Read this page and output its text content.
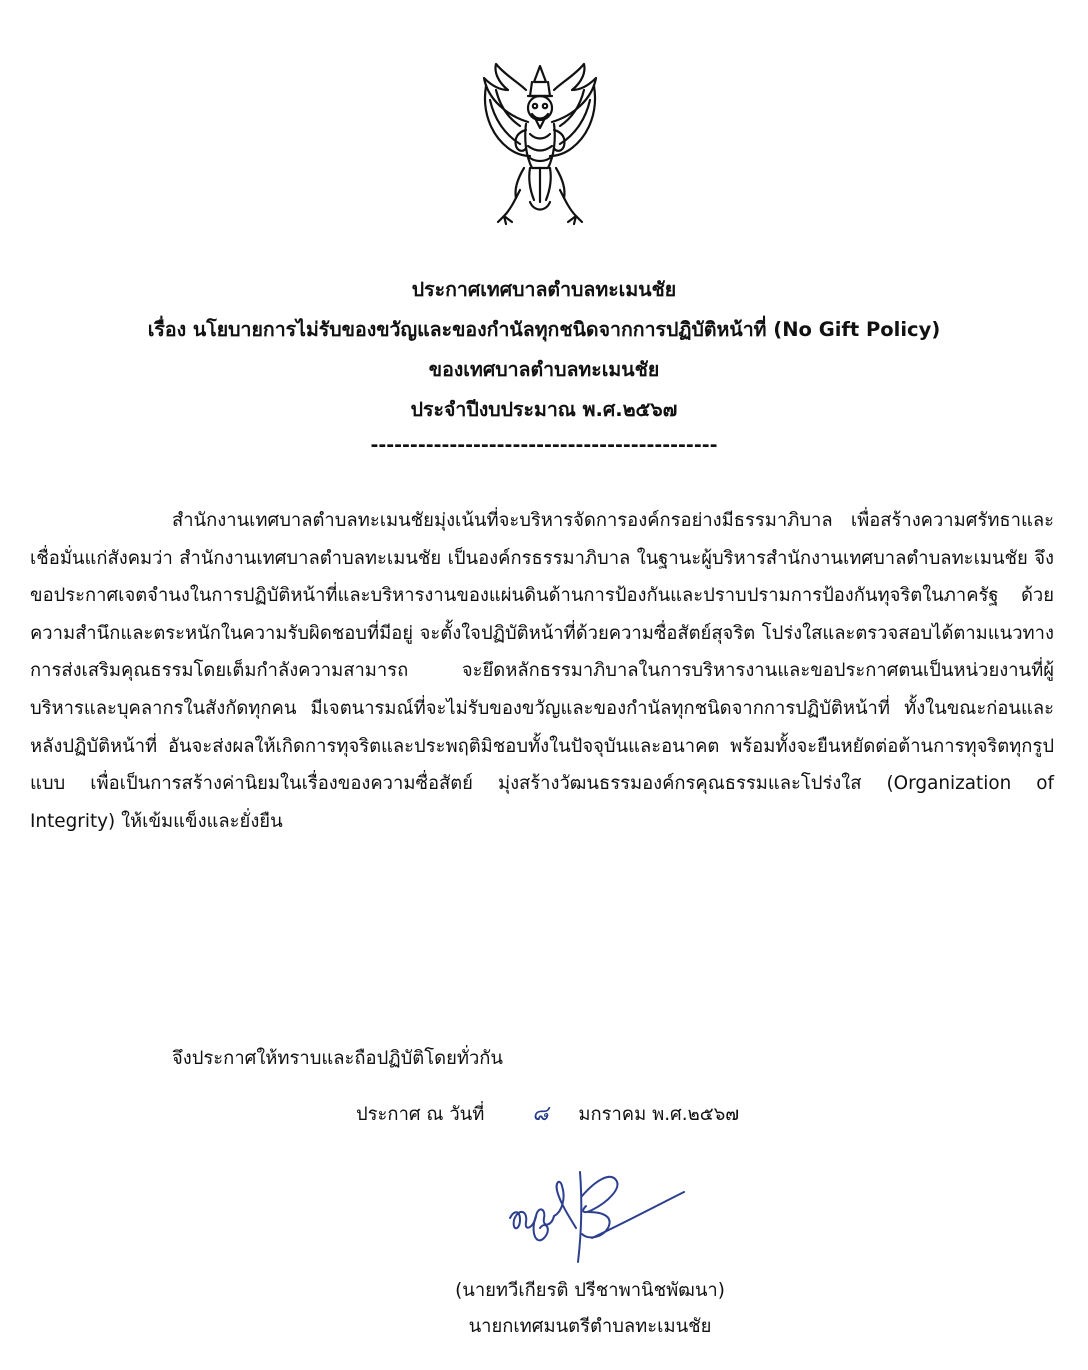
ประกาศเทศบาลตำบลทะเมนชัย
เรื่อง นโยบายการไม่รับของขวัญและของกำนัลทุกชนิดจากการปฏิบัติหน้าที่ (No Gift Policy)
ของเทศบาลตำบลทะเมนชัย
ประจำปีงบประมาณ พ.ศ.๒๕๖๗
--------------------------------------------
สำนักงานเทศบาลตำบลทะเมนชัยมุ่งเน้นที่จะบริหารจัดการองค์กรอย่างมีธรรมาภิบาล เพื่อสร้างความศรัทธาและเชื่อมั่นแก่สังคมว่า สำนักงานเทศบาลตำบลทะเมนชัย เป็นองค์กรธรรมาภิบาล ในฐานะผู้บริหารสำนักงานเทศบาลตำบลทะเมนชัย จึงขอประกาศเจตจำนงในการปฏิบัติหน้าที่และบริหารงานของแผ่นดินด้านการป้องกันและปราบปรามการป้องกันทุจริตในภาครัฐ ด้วยความสำนึกและตระหนักในความรับผิดชอบที่มีอยู่ จะตั้งใจปฏิบัติหน้าที่ด้วยความซื่อสัตย์สุจริต โปร่งใสและตรวจสอบได้ตามแนวทางการส่งเสริมคุณธรรมโดยเต็มกำลังความสามารถ จะยึดหลักธรรมาภิบาลในการบริหารงานและขอประกาศตนเป็นหน่วยงานที่ผู้บริหารและบุคลากรในสังกัดทุกคน มีเจตนารมณ์ที่จะไม่รับของขวัญและของกำนัลทุกชนิดจากการปฏิบัติหน้าที่ ทั้งในขณะก่อนและหลังปฏิบัติหน้าที่ อันจะส่งผลให้เกิดการทุจริตและประพฤติมิชอบทั้งในปัจจุบันและอนาคต พร้อมทั้งจะยืนหยัดต่อต้านการทุจริตทุกรูปแบบ เพื่อเป็นการสร้างค่านิยมในเรื่องของความซื่อสัตย์ มุ่งสร้างวัฒนธรรมองค์กรคุณธรรมและโปร่งใส (Organization of Integrity) ให้เข้มแข็งและยั่งยืน
จึงประกาศให้ทราบและถือปฏิบัติโดยทั่วกัน
ประกาศ ณ วันที่ ๘ มกราคม พ.ศ.๒๕๖๗
(นายทวีเกียรติ ปรีชาพานิชพัฒนา)
นายกเทศมนตรีตำบลทะเมนชัย
